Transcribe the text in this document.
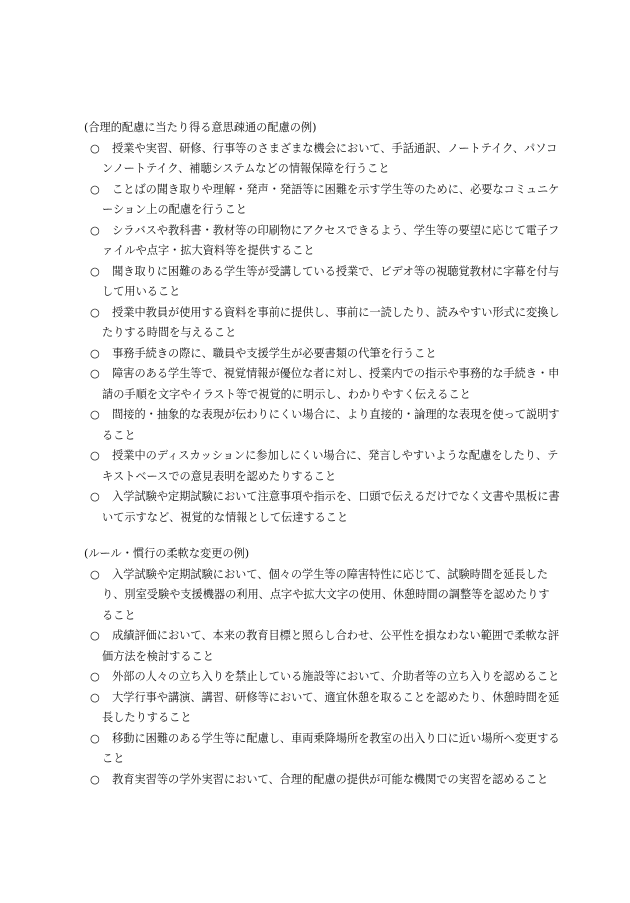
(合理的配慮に当たり得る意思疎通の配慮の例)
○	授業や実習、研修、行事等のさまざまな機会において、手話通訳、ノートテイク、パソコンノートテイク、補聴システムなどの情報保障を行うこと
○	ことばの聞き取りや理解・発声・発語等に困難を示す学生等のために、必要なコミュニケーション上の配慮を行うこと
○	シラバスや教科書・教材等の印刷物にアクセスできるよう、学生等の要望に応じて電子ファイルや点字・拡大資料等を提供すること
○	聞き取りに困難のある学生等が受講している授業で、ビデオ等の視聴覚教材に字幕を付与して用いること
○	授業中教員が使用する資料を事前に提供し、事前に一読したり、読みやすい形式に変換したりする時間を与えること
○	事務手続きの際に、職員や支援学生が必要書類の代筆を行うこと
○	障害のある学生等で、視覚情報が優位な者に対し、授業内での指示や事務的な手続き・申請の手順を文字やイラスト等で視覚的に明示し、わかりやすく伝えること
○	間接的・抽象的な表現が伝わりにくい場合に、より直接的・論理的な表現を使って説明すること
○	授業中のディスカッションに参加しにくい場合に、発言しやすいような配慮をしたり、テキストベースでの意見表明を認めたりすること
○	入学試験や定期試験において注意事項や指示を、口頭で伝えるだけでなく文書や黒板に書いて示すなど、視覚的な情報として伝達すること
(ルール・慣行の柔軟な変更の例)
○	入学試験や定期試験において、個々の学生等の障害特性に応じて、試験時間を延長したり、別室受験や支援機器の利用、点字や拡大文字の使用、休憩時間の調整等を認めたりすること
○	成績評価において、本来の教育目標と照らし合わせ、公平性を損なわない範囲で柔軟な評価方法を検討すること
○	外部の人々の立ち入りを禁止している施設等において、介助者等の立ち入りを認めること
○	大学行事や講演、講習、研修等において、適宜休憩を取ることを認めたり、休憩時間を延長したりすること
○	移動に困難のある学生等に配慮し、車両乗降場所を教室の出入り口に近い場所へ変更すること
○	教育実習等の学外実習において、合理的配慮の提供が可能な機関での実習を認めること
